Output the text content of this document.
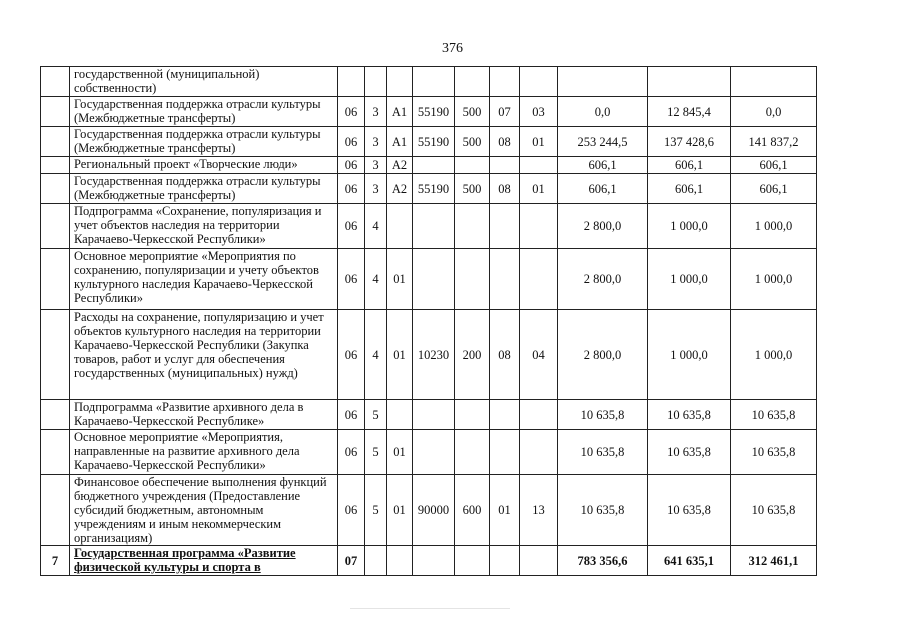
376
	государственной (муниципальной) собственности)										
	Государственная поддержка отрасли культуры (Межбюджетные трансферты)	06	3	А1	55190	500	07	03	0,0	12 845,4	0,0
	Государственная поддержка отрасли культуры (Межбюджетные трансферты)	06	3	А1	55190	500	08	01	253 244,5	137 428,6	141 837,2
	Региональный проект «Творческие люди»	06	3	А2					606,1	606,1	606,1
	Государственная поддержка отрасли культуры (Межбюджетные трансферты)	06	3	А2	55190	500	08	01	606,1	606,1	606,1
	Подпрограмма «Сохранение, популяризация и учет объектов наследия на территории Карачаево-Черкесской Республики»	06	4						2 800,0	1 000,0	1 000,0
	Основное мероприятие «Мероприятия по сохранению, популяризации и учету объектов культурного наследия Карачаево-Черкесской Республики»	06	4	01					2 800,0	1 000,0	1 000,0
	Расходы на сохранение, популяризацию и учет объектов культурного наследия на территории Карачаево-Черкесской Республики (Закупка товаров, работ и услуг для обеспечения государственных (муниципальных) нужд)	06	4	01	10230	200	08	04	2 800,0	1 000,0	1 000,0
	Подпрограмма «Развитие архивного дела в Карачаево-Черкесской Республике»	06	5						10 635,8	10 635,8	10 635,8
	Основное мероприятие «Мероприятия, направленные на развитие архивного дела Карачаево-Черкесской Республики»	06	5	01					10 635,8	10 635,8	10 635,8
	Финансовое обеспечение выполнения функций бюджетного учреждения (Предоставление субсидий бюджетным, автономным учреждениям и иным некоммерческим организациям)	06	5	01	90000	600	01	13	10 635,8	10 635,8	10 635,8
7	Государственная программа «Развитие физической культуры и спорта в	07							783 356,6	641 635,1	312 461,1
